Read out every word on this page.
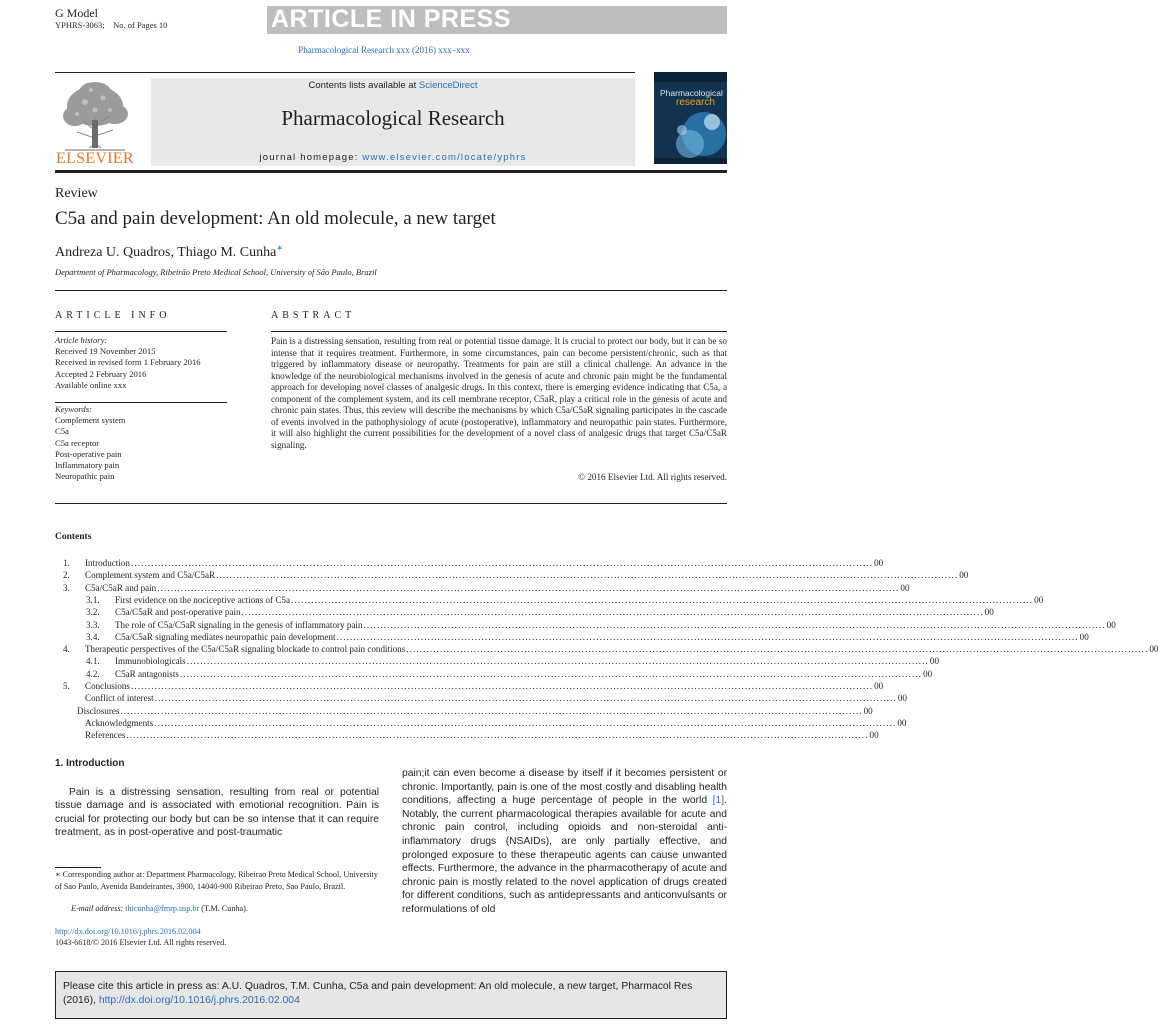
G Model
YPHRS-3063; No. of Pages 10	ARTICLE IN PRESS
Pharmacological Research xxx (2016) xxx–xxx
Contents lists available at ScienceDirect
Pharmacological Research
journal homepage: www.elsevier.com/locate/yphrs
ELSEVIER
Pharmacological
research
Review
C5a and pain development: An old molecule, a new target
Andreza U. Quadros, Thiago M. Cunha∗
Department of Pharmacology, Ribeirão Preto Medical School, University of São Paulo, Brazil
ARTICLE INFO
Article history:
Received 19 November 2015
Received in revised form 1 February 2016
Accepted 2 February 2016
Available online xxx
Keywords:
Complement system
C5a
C5a receptor
Post-operative pain
Inflammatory pain
Neuropathic pain
ABSTRACT
Pain is a distressing sensation, resulting from real or potential tissue damage. It is crucial to protect our body, but it can be so intense that it requires treatment. Furthermore, in some circumstances, pain can become persistent/chronic, such as that triggered by inflammatory disease or neuropathy. Treatments for pain are still a clinical challenge. An advance in the knowledge of the neurobiological mechanisms involved in the genesis of acute and chronic pain might be the fundamental approach for developing novel classes of analgesic drugs. In this context, there is emerging evidence indicating that C5a, a component of the complement system, and its cell membrane receptor, C5aR, play a critical role in the genesis of acute and chronic pain states. Thus, this review will describe the mechanisms by which C5a/C5aR signaling participates in the cascade of events involved in the pathophysiology of acute (postoperative), inflammatory and neuropathic pain states. Furthermore, it will also highlight the current possibilities for the development of a novel class of analgesic drugs that target C5a/C5aR signaling.
© 2016 Elsevier Ltd. All rights reserved.
Contents
1. Introduction ............................................................................................................................................................................................................................ 00
2. Complement system and C5a/C5aR ............................................................................................................................................................................................................................ 00
3. C5a/C5aR and pain ............................................................................................................................................................................................................................ 00
3.1. First evidence on the nociceptive actions of C5a ............................................................................................................................................................................................................................ 00
3.2. C5a/C5aR and post-operative pain ............................................................................................................................................................................................................................ 00
3.3. The role of C5a/C5aR signaling in the genesis of inflammatory pain ............................................................................................................................................................................................................................ 00
3.4. C5a/C5aR signaling mediates neuropathic pain development ............................................................................................................................................................................................................................ 00
4. Therapeutic perspectives of the C5a/C5aR signaling blockade to control pain conditions ............................................................................................................................................................................................................................ 00
4.1. Immunobiologicals ............................................................................................................................................................................................................................ 00
4.2. C5aR antagonists ............................................................................................................................................................................................................................ 00
5. Conclusions ............................................................................................................................................................................................................................ 00
Conflict of interest ............................................................................................................................................................................................................................ 00
Disclosures ............................................................................................................................................................................................................................ 00
Acknowledgments ............................................................................................................................................................................................................................ 00
References ............................................................................................................................................................................................................................ 00
1. Introduction
Pain is a distressing sensation, resulting from real or potential tissue damage and is associated with emotional recognition. Pain is crucial for protecting our body but can be so intense that it can require treatment, as in post-operative and post-traumatic
pain;it can even become a disease by itself if it becomes persistent or chronic. Importantly, pain is one of the most costly and disabling health conditions, affecting a huge percentage of people in the world [1]. Notably, the current pharmacological therapies available for acute and chronic pain control, including opioids and non-steroidal anti-inflammatory drugs (NSAIDs), are only partially effective, and prolonged exposure to these therapeutic agents can cause unwanted effects. Furthermore, the advance in the pharmacotherapy of acute and chronic pain is mostly related to the novel application of drugs created for different conditions, such as antidepressants and anticonvulsants or reformulations of old
∗ Corresponding author at: Department Pharmacology, Ribeirao Preto Medical School, University of Sao Paulo, Avenida Bandeirantes, 3900, 14040-900 Ribeirao Preto, Sao Paulo, Brazil.
E-mail address: thicunha@fmrp.usp.br (T.M. Cunha).
http://dx.doi.org/10.1016/j.phrs.2016.02.004
1043-6618/© 2016 Elsevier Ltd. All rights reserved.
Please cite this article in press as: A.U. Quadros, T.M. Cunha, C5a and pain development: An old molecule, a new target, Pharmacol Res (2016), http://dx.doi.org/10.1016/j.phrs.2016.02.004
